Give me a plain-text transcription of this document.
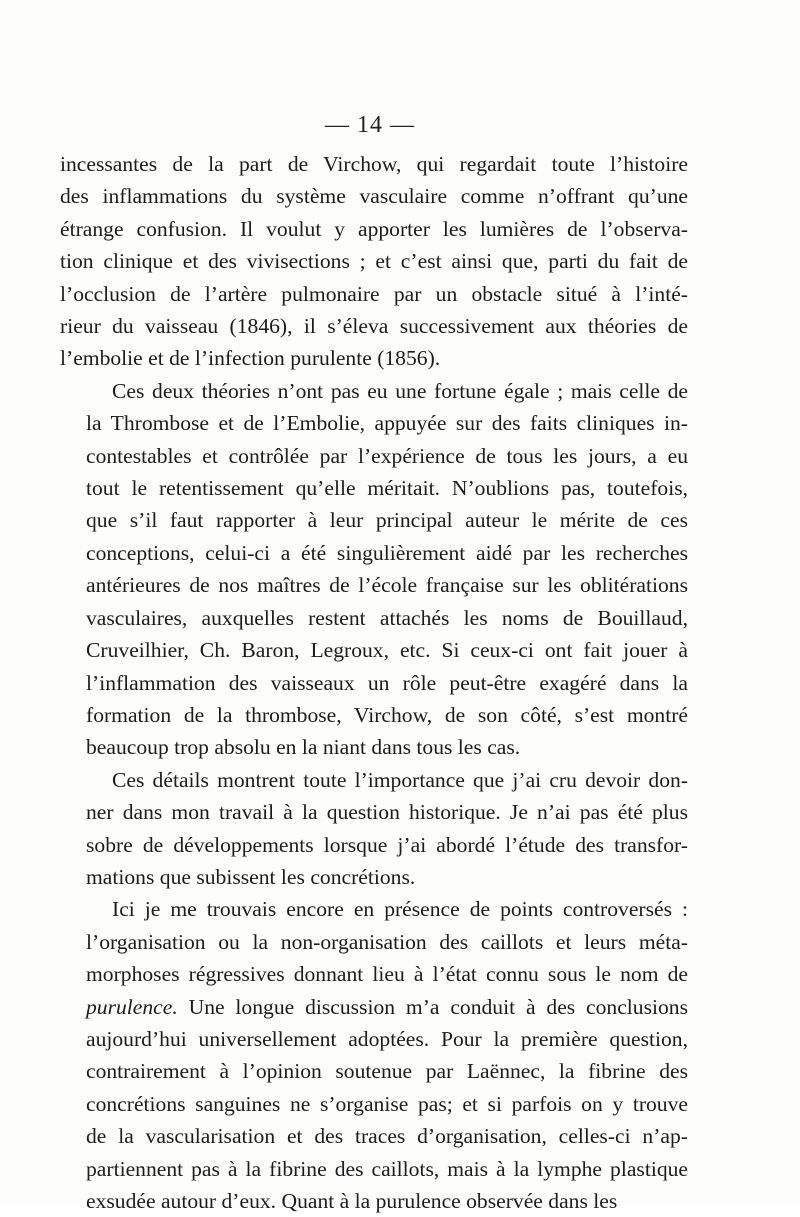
— 14 —
incessantes de la part de Virchow, qui regardait toute l’histoire
des inflammations du système vasculaire comme n’offrant qu’une
étrange confusion. Il voulut y apporter les lumières de l’observa-
tion clinique et des vivisections ; et c’est ainsi que, parti du fait de
l’occlusion de l’artère pulmonaire par un obstacle situé à l’inté-
rieur du vaisseau (1846), il s’éleva successivement aux théories de
l’embolie et de l’infection purulente (1856).
Ces deux théories n’ont pas eu une fortune égale ; mais celle de
la Thrombose et de l’Embolie, appuyée sur des faits cliniques in-
contestables et contrôlée par l’expérience de tous les jours, a eu
tout le retentissement qu’elle méritait. N’oublions pas, toutefois,
que s’il faut rapporter à leur principal auteur le mérite de ces
conceptions, celui-ci a été singulièrement aidé par les recherches
antérieures de nos maîtres de l’école française sur les oblitérations
vasculaires, auxquelles restent attachés les noms de Bouillaud,
Cruveilhier, Ch. Baron, Legroux, etc. Si ceux-ci ont fait jouer à
l’inflammation des vaisseaux un rôle peut-être exagéré dans la
formation de la thrombose, Virchow, de son côté, s’est montré
beaucoup trop absolu en la niant dans tous les cas.
Ces détails montrent toute l’importance que j’ai cru devoir don-
ner dans mon travail à la question historique. Je n’ai pas été plus
sobre de développements lorsque j’ai abordé l’étude des transfor-
mations que subissent les concrétions.
Ici je me trouvais encore en présence de points controversés :
l’organisation ou la non-organisation des caillots et leurs méta-
morphoses régressives donnant lieu à l’état connu sous le nom de
purulence. Une longue discussion m’a conduit à des conclusions
aujourd’hui universellement adoptées. Pour la première question,
contrairement à l’opinion soutenue par Laënnec, la fibrine des
concrétions sanguines ne s’organise pas; et si parfois on y trouve
de la vascularisation et des traces d’organisation, celles-ci n’ap-
partiennent pas à la fibrine des caillots, mais à la lymphe plastique
exsudée autour d’eux. Quant à la purulence observée dans les
